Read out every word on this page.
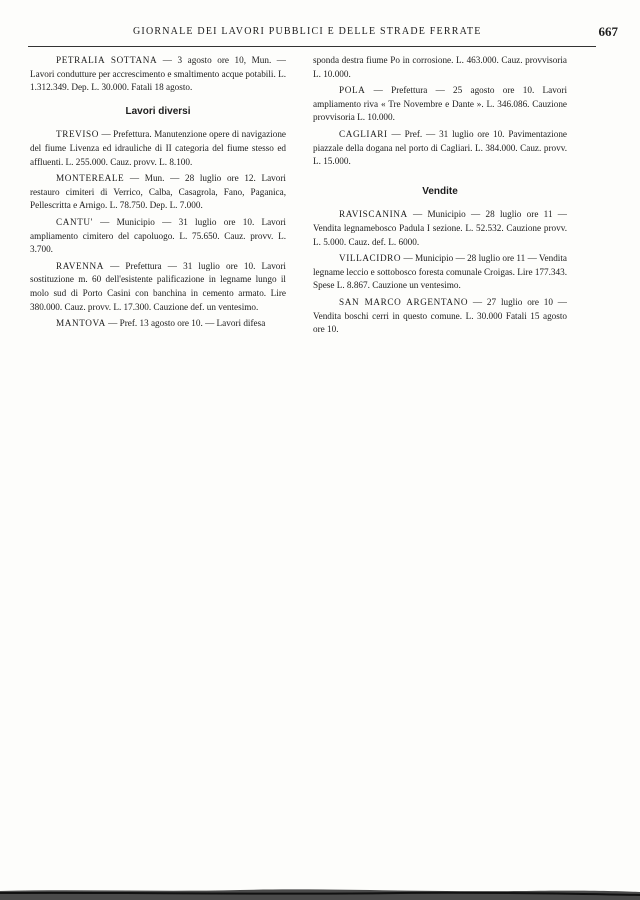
GIORNALE DEI LAVORI PUBBLICI E DELLE STRADE FERRATE	667

PETRALIA SOTTANA — 3 agosto ore 10, Mun. — Lavori condutture per accrescimento e smaltimento acque potabili. L. 1.312.349. Dep. L. 30.000. Fatali 18 agosto.

Lavori diversi

TREVISO — Prefettura. Manutenzione opere di navigazione del fiume Livenza ed idrauliche di II categoria del fiume stesso ed affluenti. L. 255.000. Cauz. provv. L. 8.100.

MONTEREALE — Mun. — 28 luglio ore 12. Lavori restauro cimiteri di Verrico, Calba, Casagrola, Fano, Paganica, Pellescritta e Arnigo. L. 78.750. Dep. L. 7.000.

CANTU' — Municipio — 31 luglio ore 10. Lavori ampliamento cimitero del capoluogo. L. 75.650. Cauz. provv. L. 3.700.

RAVENNA — Prefettura — 31 luglio ore 10. Lavori sostituzione m. 60 dell'esistente palificazione in legname lungo il molo sud di Porto Casini con banchina in cemento armato. Lire 380.000. Cauz. provv. L. 17.300. Cauzione def. un ventesimo.

MANTOVA — Pref. 13 agosto ore 10. — Lavori difesa

sponda destra fiume Po in corrosione. L. 463.000. Cauz. provvisoria L. 10.000.

POLA — Prefettura — 25 agosto ore 10. Lavori ampliamento riva « Tre Novembre e Dante ». L. 346.086. Cauzione provvisoria L. 10.000.

CAGLIARI — Pref. — 31 luglio ore 10. Pavimentazione piazzale della dogana nel porto di Cagliari. L. 384.000. Cauz. provv. L. 15.000.

Vendite

RAVISCANINA — Municipio — 28 luglio ore 11 — Vendita legnamebosco Padula I sezione. L. 52.532. Cauzione provv. L. 5.000. Cauz. def. L. 6000.

VILLACIDRO — Municipio — 28 luglio ore 11 — Vendita legname leccio e sottobosco foresta comunale Croigas. Lire 177.343. Spese L. 8.867. Cauzione un ventesimo.

SAN MARCO ARGENTANO — 27 luglio ore 10 — Vendita boschi cerri in questo comune. L. 30.000 Fatali 15 agosto ore 10.
